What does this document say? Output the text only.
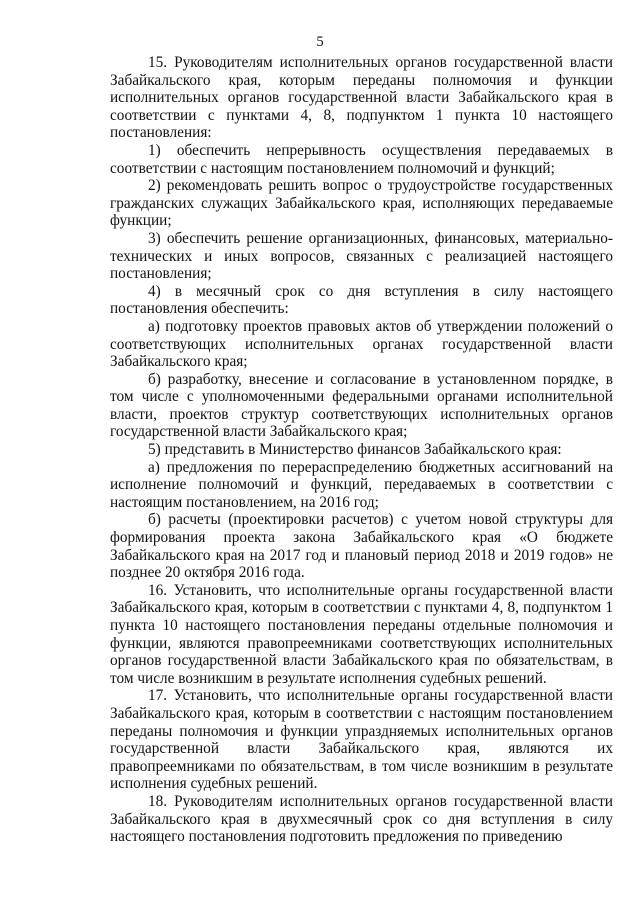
5

15. Руководителям исполнительных органов государственной власти Забайкальского края, которым переданы полномочия и функции исполнительных органов государственной власти Забайкальского края в соответствии с пунктами 4, 8, подпунктом 1 пункта 10 настоящего постановления:

1) обеспечить непрерывность осуществления передаваемых в соответствии с настоящим постановлением полномочий и функций;

2) рекомендовать решить вопрос о трудоустройстве государственных гражданских служащих Забайкальского края, исполняющих передаваемые функции;

3) обеспечить решение организационных, финансовых, материально-технических и иных вопросов, связанных с реализацией настоящего постановления;

4) в месячный срок со дня вступления в силу настоящего постановления обеспечить:

а) подготовку проектов правовых актов об утверждении положений о соответствующих исполнительных органах государственной власти Забайкальского края;

б) разработку, внесение и согласование в установленном порядке, в том числе с уполномоченными федеральными органами исполнительной власти, проектов структур соответствующих исполнительных органов государственной власти Забайкальского края;

5) представить в Министерство финансов Забайкальского края:

а) предложения по перераспределению бюджетных ассигнований на исполнение полномочий и функций, передаваемых в соответствии с настоящим постановлением, на 2016 год;

б) расчеты (проектировки расчетов) с учетом новой структуры для формирования проекта закона Забайкальского края «О бюджете Забайкальского края на 2017 год и плановый период 2018 и 2019 годов» не позднее 20 октября 2016 года.

16. Установить, что исполнительные органы государственной власти Забайкальского края, которым в соответствии с пунктами 4, 8, подпунктом 1 пункта 10 настоящего постановления переданы отдельные полномочия и функции, являются правопреемниками соответствующих исполнительных органов государственной власти Забайкальского края по обязательствам, в том числе возникшим в результате исполнения судебных решений.

17. Установить, что исполнительные органы государственной власти Забайкальского края, которым в соответствии с настоящим постановлением переданы полномочия и функции упраздняемых исполнительных органов государственной власти Забайкальского края, являются их правопреемниками по обязательствам, в том числе возникшим в результате исполнения судебных решений.

18. Руководителям исполнительных органов государственной власти Забайкальского края в двухмесячный срок со дня вступления в силу настоящего постановления подготовить предложения по приведению
